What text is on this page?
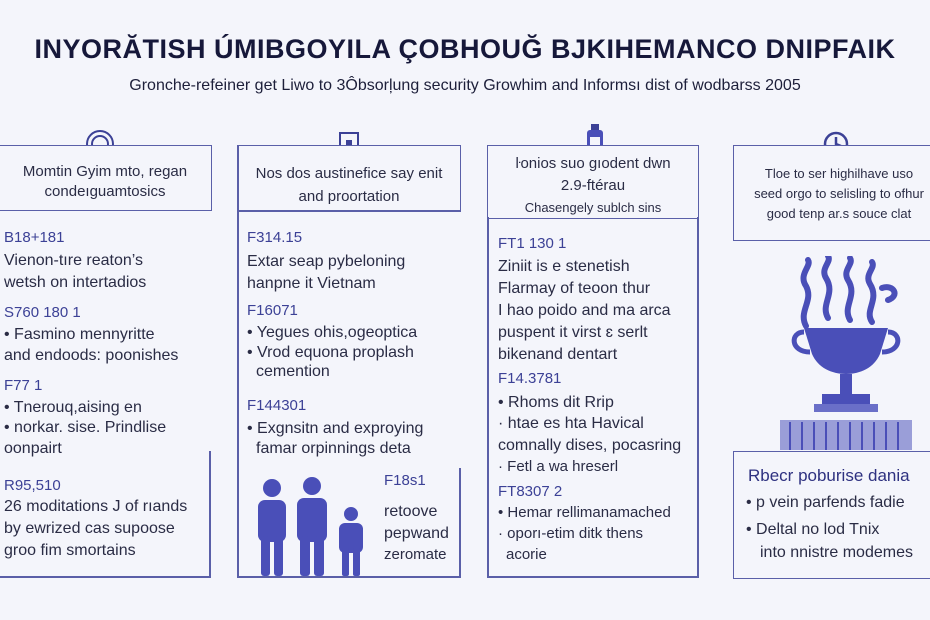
INYORĂTISH ÚMIBGOYILA ÇOBHOUĞ BJKIHEMANCO DNIPFAIK
Gronche-refeiner get Liwo to 3Ôbsorļung security Growhim and Informsı dist of wodbarss 2005
Momtin Gyim mto, regan
condeıguamtosics
B18+181
Vienon-tıre reaton’s
wetsh on intertadios
S760 180 1
• Fasmino mennyritte
and endoods: poonishes
F77 1
• Tnerouq,aising en
• norkar. sise. Prindlise
oonpairt
R95,510
26 moditations J of rıands
by ewrized cas supoose
groo fim smortains
Nos dos austinefice say enit
and proortation
F314.15
Extar seap pybeloning
hanpne it Vietnam
F16071
• Yegues ohis,ogeoptica
• Vrod equona proplash
cemention
F144301
• Exgnsitn and exproying
famar orpinnings deta
F18s1
retoove
pepwand
zeromate
ŀonios suo gıodent dwn
2.9-ftérau
Chasengely sublch sins
FT1 130 1
Ziniit is e stenetish
Flarmay of teoon thur
I hao poido and ma arca
puspent it virst ɛ serlt
bikenand dentart
F14.3781
• Rhoms dit Rrip
· htae es hta Havical
comnally dises, pocasring
· Fetl a wa hreserl
FT8307 2
• Hemar rellimanamached
· oporı-etim ditk thens
acorie
Tloe to ser highilhave uso
seed orgo to selisling to ofhur
good tenp ar.s souce clat
Rbecr poburise dania
• p vein parfends fadie
• Deltal no lod Tnix
into nnistre modemes
